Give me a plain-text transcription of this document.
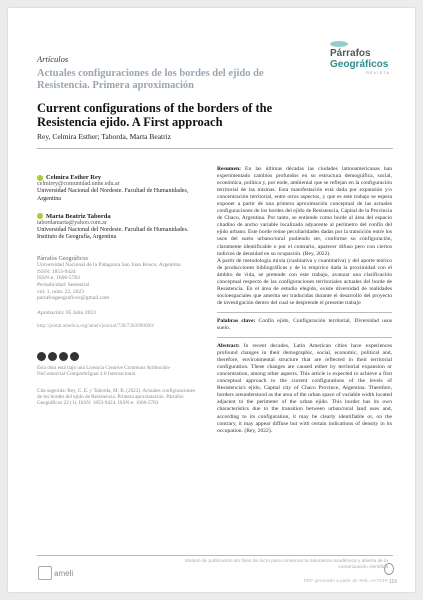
Artículos
Actuales configuraciones de los bordes del ejido de Resistencia. Primera aproximación
Current configurations of the borders of the Resistencia ejido. A First approach
Rey, Celmira Esther; Taborda, Marta Beatriz
Párrafos
Geográficos
REVISTA
Celmira Esther Rey
celmirey@comunidad.unne.edu.ar
Universidad Nacional del Nordeste. Facultad de Humanidades, Argentina
Marta Beatriz Taborda
tabordamarta@yahoo.com.ar
Universidad Nacional del Nordeste. Facultad de Humanidades. Instituto de Geografía, Argentina
Párrafos Geográficos
Universidad Nacional de la Patagonia San Juan Bosco, Argentina
ISSN: 1853-9424
ISSN-e: 1666-5783
Periodicidad: Semestral
vol. 1, núm. 22, 2023
parrafosgeograficos@gmail.com
Aprobación: 05 Julio 2023
http://portal.amelica.org/ameli/journal/738/7383990000/
Esta obra está bajo una Licencia Creative Commons Atribución-NoComercial-CompartirIgual 4.0 Internacional.
Cita sugerida: Rey, C. E. y Taborda, M. B. (2023). Actuales configuraciones de los bordes del ejido de Resistencia. Primera aproximación. Párrafos Geográficos 22 (1). ISSN: 1853-9424. ISSN-e: 1666-5783
Resumen: En las últimas décadas las ciudades latinoamericanas han experimentado cambios profundos en su estructura demográfica, social, económica, política y, por ende, ambiental que se reflejan en la configuración territorial de las mismas. Esta manifestación está dada por expansión y/o concentración territorial, entre otros aspectos, y que es este trabajo se espera exponer a partir de una primera aproximación conceptual de las actuales configuraciones de los bordes del ejido de Resistencia, Capital de la Provincia de Chaco, Argentina. Por tanto, se entiende como borde al área del espacio citadino de ancho variable localizado adyacente al perímetro del confín del ejido urbano. Este borde reúne peculiaridades dadas por la transición entre los usos del suelo urbano/rural pudiendo ser, conforme su configuración, claramente identificable o por el contrario, aparecer difuso pero con ciertos indicios de densidad en su ocupación. (Rey, 2022).
A partir de metodología mixta (cualitativa y cuantitativa) y del aporte teórico de producciones bibliográficas y de lo empírico dada la proximidad con el ámbito de vida, se pretende con este trabajo, avanzar una clarificación conceptual respecto de las configuraciones territoriales actuales del borde de Resistencia. En el área de estudio elegido, existe diversidad de realidades socioespaciales que amerita ser traducidas durante el desarrollo del proyecto de investigación dentro del cual se desprende el presente trabajo
Palabras clave: Confín ejido, Configuración territorial, Diversidad usos suelo.
Abstract: In recent decades, Latin American cities have experiences profound changes in their demographic, social, economic, political and, therefore, environmental structure that are reflected in their territorial configuration. These changes are caused either by territorial expansion or concentration, among other aspects. This article is expected to achieve a first conceptual approach to the current configurations of the levels of Resistencia's ejido, Capital city of Chaco Province, Argentina. Therefore, borders areunderstood as the area of the urban space of variable width located adjacent to the perimeter of the urban ejido. This border has its own characteristics due to the transition between urban/rural land uses and, according to its configuration, it may be clearly identifiable or, on the contrary, it may appear diffuse but with certain indications of density in its occupation. (Rey, 2022).
ameli
Modelo de publicación sin fines de lucro para conservar la naturaleza académica y abierta de la comunicación científica
PDF generado a partir de XML-JATS4R 116
